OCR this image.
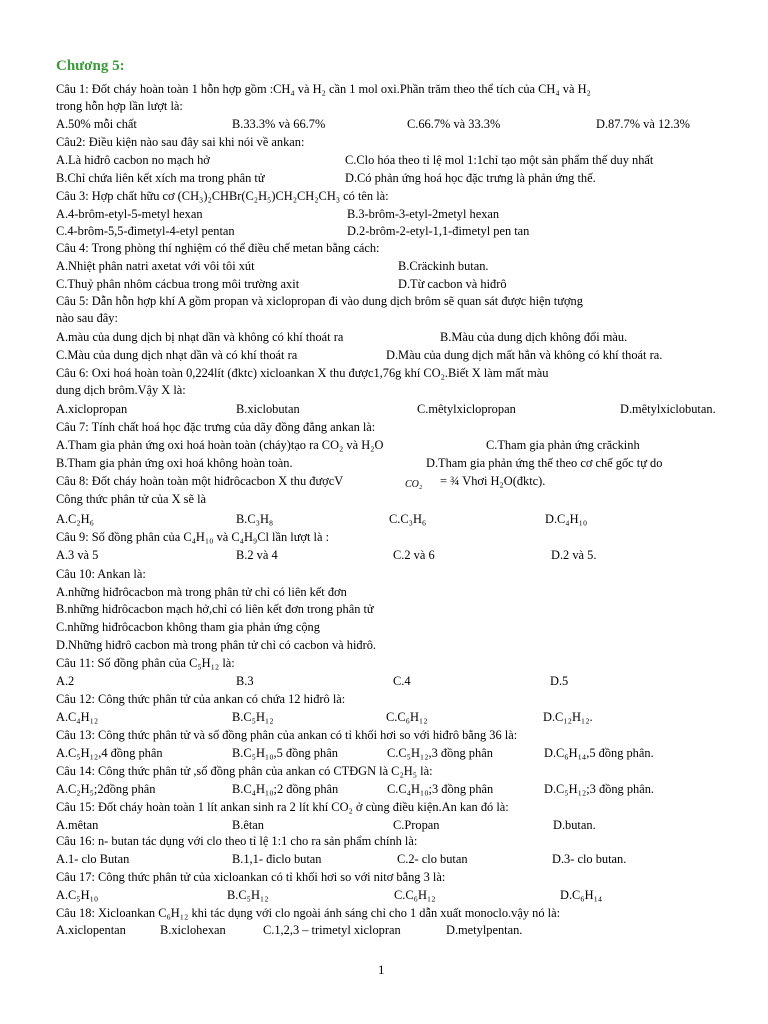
Chương 5:
Câu 1: Đốt cháy hoàn toàn 1 hỗn hợp gồm :CH₄ và H₂ cần 1 mol oxi.Phần trăm theo thể tích của CH₄ và H₂
trong hỗn hợp lần lượt là:
A.50% mỗi chất	B.33.3% và 66.7%	C.66.7% và 33.3%	D.87.7% và 12.3%
Câu2: Điều kiện nào sau đây sai khi nói về ankan:
A.Là hiđrô cacbon no mạch hở	C.Clo hóa theo tỉ lệ mol 1:1chỉ tạo một sản phẩm thế duy nhất
B.Chỉ chứa liên kết xích ma trong phân tử	D.Có phản ứng hoá học đặc trưng là phản ứng thế.
Câu 3: Hợp chất hữu cơ (CH₃)₂CHBr(C₂H₅)CH₂CH₂CH₃ có tên là:
A.4-brôm-etyl-5-metyl hexan	B.3-brôm-3-etyl-2metyl hexan
C.4-brôm-5,5-đimetyl-4-etyl pentan	D.2-brôm-2-etyl-1,1-đimetyl pen tan
Câu 4: Trong phòng thí nghiệm có thể điều chế metan bằng cách:
A.Nhiệt phân natri axetat với vôi tôi xút	B.Cräckinh butan.
C.Thuỷ phân nhôm cácbua trong môi trường axit	D.Từ cacbon và hiđrô
Câu 5: Dẫn hỗn hợp khí A gồm propan và xiclopropan đi vào dung dịch brôm sẽ quan sát được hiện tượng
nào sau đây:
A.màu của dung dịch bị nhạt dần và không có khí thoát ra	B.Màu của dung dịch không đổi màu.
C.Màu của dung dịch nhạt dần và có khí thoát ra	D.Màu của dung dịch mất hẳn và không có khí thoát ra.
Câu 6: Oxi hoá hoàn toàn 0,224lít (đktc) xicloankan X thu được1,76g khí CO₂.Biết X làm mất màu
dung dịch brôm.Vậy X là:
A.xiclopropan	B.xiclobutan	C.mêtylxiclopropan	D.mêtylxiclobutan.
Câu 7: Tính chất hoá học đặc trưng của dãy đồng đẳng ankan là:
A.Tham gia phản ứng oxi hoá hoàn toàn (cháy)tạo ra CO₂ và H₂O	C.Tham gia phản ứng crăckinh
B.Tham gia phản ứng oxi hoá không hoàn toàn.	D.Tham gia phản ứng thế theo cơ chế gốc tự do
Câu 8: Đốt cháy hoàn toàn một hiđrôcacbon X thu đượcV	CO₂ = ¾ Vhơi H₂O(đktc).
Công thức phân tử của X sẽ là
A.C₂H₆	B.C₃H₈	C.C₃H₆	D.C₄H₁₀
Câu 9: Số đồng phân của C₄H₁₀ và C₄H₉Cl lần lượt là :
A.3 và 5	B.2 và 4	C.2 và 6	D.2 và 5.
Câu 10: Ankan là:
A.những hiđrôcacbon mà trong phân tử chỉ có liên kết đơn
B.những hiđrôcacbon mạch hở,chỉ có liên kết đơn trong phân tử
C.những hiđrôcacbon không tham gia phản ứng cộng
D.Những hiđrô cacbon mà trong phân tử chỉ có cacbon và hiđrô.
Câu 11: Số đồng phân của C₅H₁₂ là:
A.2	B.3	C.4	D.5
Câu 12: Công thức phân tử của ankan có chứa 12 hiđrô là:
A.C₄H₁₂	B.C₅H₁₂	C.C₆H₁₂	D.C₁₂H₁₂.
Câu 13: Công thức phân tử và số đồng phân của ankan có tỉ khối hơi so với hiđrô bằng 36 là:
A.C₅H₁₂,4 đồng phân	B.C₅H₁₀,5 đồng phân	C.C₅H₁₂,3 đồng phân	D.C₆H₁₄,5 đồng phân.
Câu 14: Công thức phân tử ,số đồng phân của ankan có CTĐGN là C₂H₅ là:
A.C₂H₅;2đồng phân	B.C₄H₁₀;2 đồng phân	C.C₄H₁₀;3 đồng phân	D.C₅H₁₂;3 đồng phân.
Câu 15: Đốt cháy hoàn toàn 1 lít ankan sinh ra 2 lít khí CO₂ ở cùng điều kiện.An kan đó là:
A.mêtan	B.êtan	C.Propan	D.butan.
Câu 16: n- butan tác dụng với clo theo tỉ lệ 1:1 cho ra sản phẩm chính là:
A.1- clo Butan	B.1,1- điclo butan	C.2- clo butan	D.3- clo butan.
Câu 17: Công thức phân tử của xicloankan có tỉ khối hơi so với nitơ bằng 3 là:
A.C₅H₁₀	B.C₅H₁₂	C.C₆H₁₂	D.C₆H₁₄
Câu 18: Xicloankan C₆H₁₂ khi tác dụng với clo ngoài ánh sáng chỉ cho 1 dẫn xuất monoclo.vậy nó là:
A.xiclopentan	B.xiclohexan	C.1,2,3 – trimetyl xiclopran	D.metylpentan.
1
